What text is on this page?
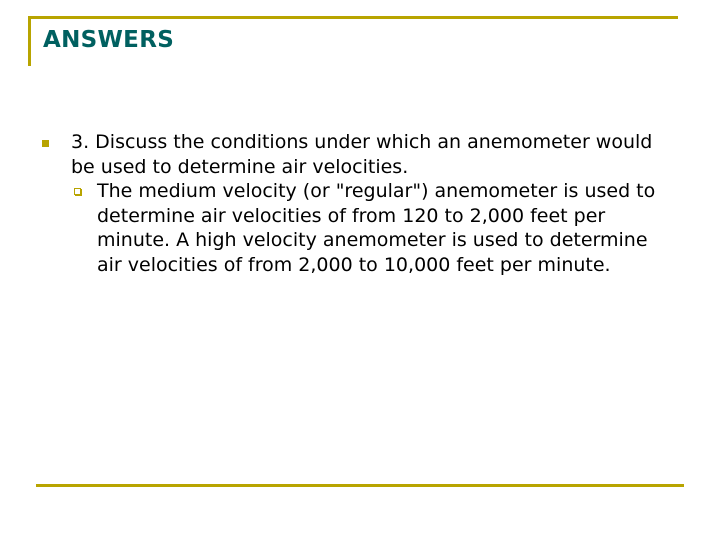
ANSWERS
3. Discuss the conditions under which an anemometer would be used to determine air velocities.
The medium velocity (or "regular") anemometer is used to determine air velocities of from 120 to 2,000 feet per minute. A high velocity anemometer is used to determine air velocities of from 2,000 to 10,000 feet per minute.
